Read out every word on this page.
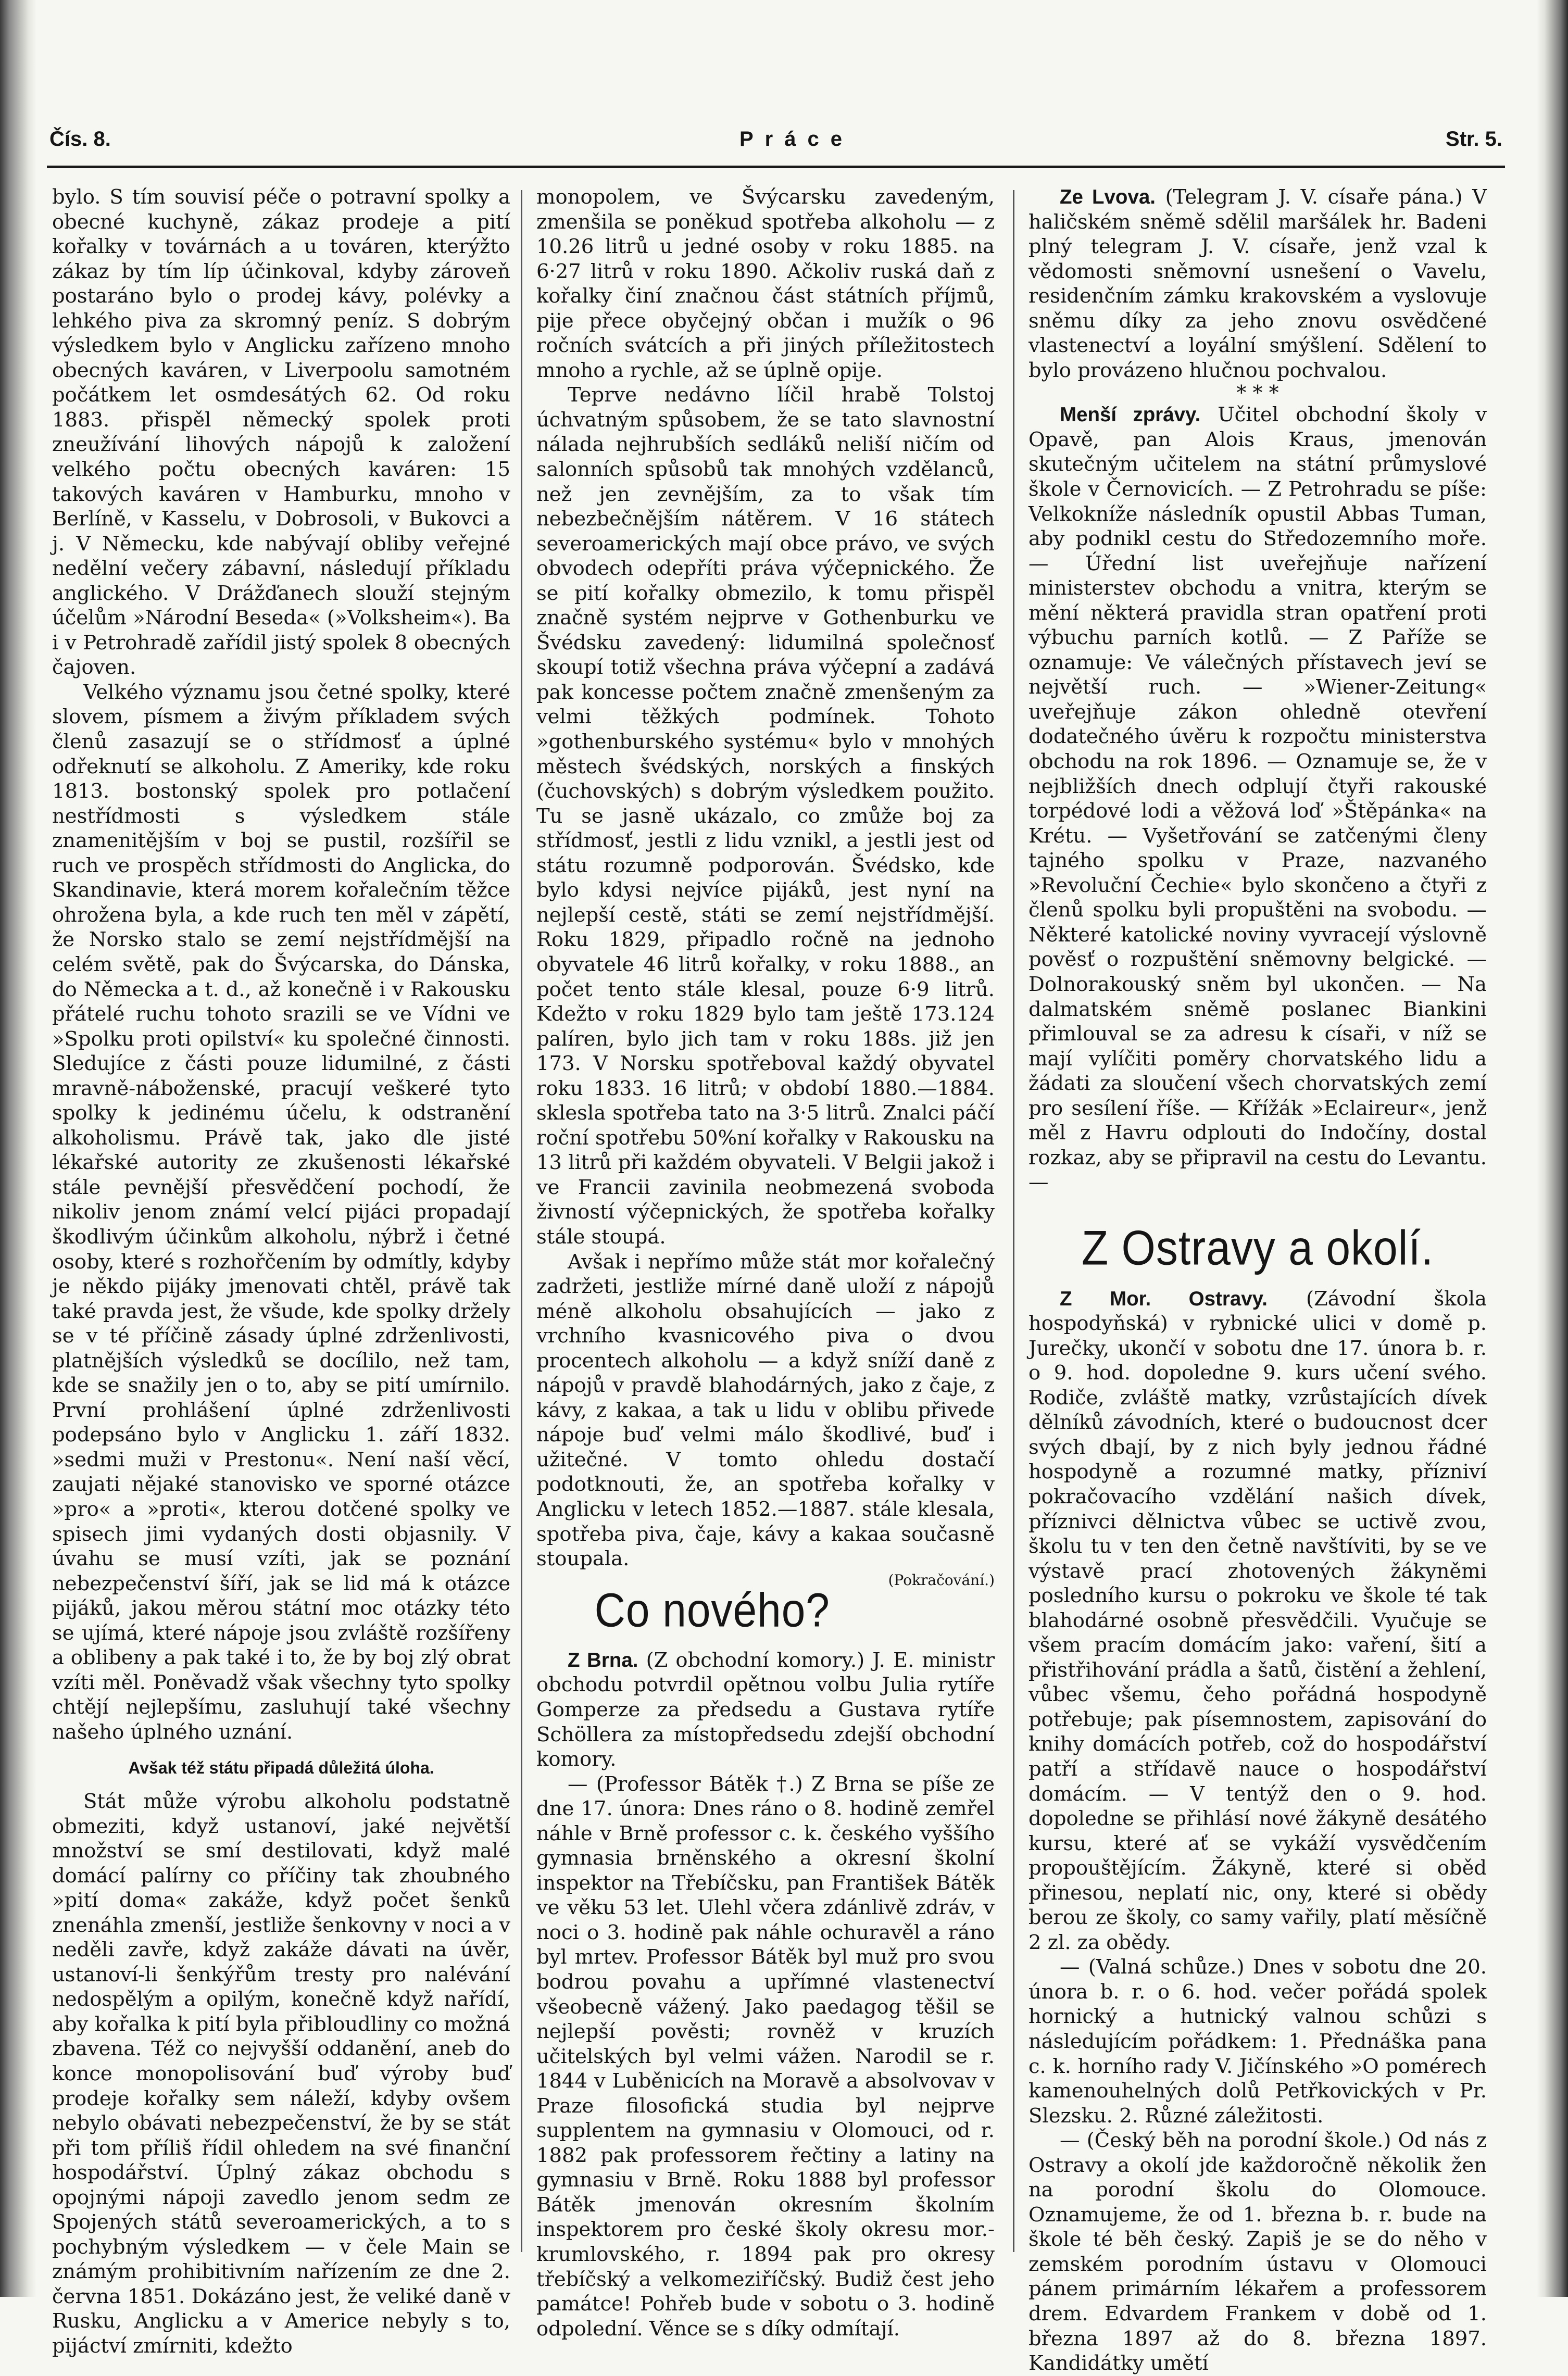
Čís. 8.	Práce	Str. 5.

bylo. S tím souvisí péče o potravní spolky a obecné kuchyně, zákaz prodeje a pití kořalky v továrnách a u továren, kterýžto zákaz by tím líp účinkoval, kdyby zároveň postaráno bylo o prodej kávy, polévky a lehkého piva za skromný peníz. S dobrým výsledkem bylo v Anglicku zařízeno mnoho obecných kaváren, v Liverpoolu samotném počátkem let osmdesátých 62. Od roku 1883. přispěl německý spolek proti zneužívání lihových nápojů k založení velkého počtu obecných kaváren: 15 takových kaváren v Hamburku, mnoho v Berlíně, v Kasselu, v Dobrosoli, v Bukovci a j. V Německu, kde nabývají obliby veřejné nedělní večery zábavní, následují příkladu anglického. V Drážďanech slouží stejným účelům »Národní Beseda« (»Volksheim«). Ba i v Petrohradě zařídil jistý spolek 8 obecných čajoven.

Velkého významu jsou četné spolky, které slovem, písmem a živým příkladem svých členů zasazují se o střídmosť a úplné odřeknutí se alkoholu. Z Ameriky, kde roku 1813. bostonský spolek pro potlačení nestřídmosti s výsledkem stále znamenitějším v boj se pustil, rozšířil se ruch ve prospěch střídmosti do Anglicka, do Skandinavie, která morem kořalečním těžce ohrožena byla, a kde ruch ten měl v zápětí, že Norsko stalo se zemí nejstřídmější na celém světě, pak do Švýcarska, do Dánska, do Německa a t. d., až konečně i v Rakousku přátelé ruchu tohoto srazili se ve Vídni ve »Spolku proti opilství« ku společné činnosti. Sledujíce z části pouze lidumilné, z části mravně-náboženské, pracují veškeré tyto spolky k jedinému účelu, k odstranění alkoholismu. Právě tak, jako dle jisté lékařské autority ze zkušenosti lékařské stále pevnější přesvědčení pochodí, že nikoliv jenom známí velcí pijáci propadají škodlivým účinkům alkoholu, nýbrž i četné osoby, které s rozhořčením by odmítly, kdyby je někdo pijáky jmenovati chtěl, právě tak také pravda jest, že všude, kde spolky držely se v té příčině zásady úplné zdrženlivosti, platnějších výsledků se docílilo, než tam, kde se snažily jen o to, aby se pití umírnilo. První prohlášení úplné zdrženlivosti podepsáno bylo v Anglicku 1. září 1832. »sedmi muži v Prestonu«. Není naší věcí, zaujati nějaké stanovisko ve sporné otázce »pro« a »proti«, kterou dotčené spolky ve spisech jimi vydaných dosti objasnily. V úvahu se musí vzíti, jak se poznání nebezpečenství šíří, jak se lid má k otázce pijáků, jakou měrou státní moc otázky této se ujímá, které nápoje jsou zvláště rozšířeny a oblibeny a pak také i to, že by boj zlý obrat vzíti měl. Poněvadž však všechny tyto spolky chtějí nejlepšímu, zasluhují také všechny našeho úplného uznání.

Avšak též státu připadá důležitá úloha.

Stát může výrobu alkoholu podstatně obmeziti, když ustanoví, jaké největší množství se smí destilovati, když malé domácí palírny co příčiny tak zhoubného »pití doma« zakáže, když počet šenků znenáhla zmenší, jestliže šenkovny v noci a v neděli zavře, když zakáže dávati na úvěr, ustanoví-li šenkýřům tresty pro nalévání nedospělým a opilým, konečně když nařídí, aby kořalka k pití byla přibloudliny co možná zbavena. Též co nejvyšší oddanění, aneb do konce monopolisování buď výroby buď prodeje kořalky sem náleží, kdyby ovšem nebylo obávati nebezpečenství, že by se stát při tom příliš řídil ohledem na své finanční hospodářství. Úplný zákaz obchodu s opojnými nápoji zavedlo jenom sedm ze Spojených států severoamerických, a to s pochybným výsledkem — v čele Main se známým prohibitivním nařízením ze dne 2. června 1851. Dokázáno jest, že veliké daně v Rusku, Anglicku a v Americe nebyly s to, pijáctví zmírniti, kdežto

monopolem, ve Švýcarsku zavedeným, zmenšila se poněkud spotřeba alkoholu — z 10.26 litrů u jedné osoby v roku 1885. na 6·27 litrů v roku 1890. Ačkoliv ruská daň z kořalky činí značnou část státních příjmů, pije přece obyčejný občan i mužík o 96 ročních svátcích a při jiných příležitostech mnoho a rychle, až se úplně opije.

Teprve nedávno líčil hrabě Tolstoj úchvatným spůsobem, že se tato slavnostní nálada nejhrubších sedláků neliší ničím od salonních spůsobů tak mnohých vzdělanců, než jen zevnějším, za to však tím nebezbečnějším nátěrem. V 16 státech severoamerických mají obce právo, ve svých obvodech odepříti práva výčepnického. Že se pití kořalky obmezilo, k tomu přispěl značně systém nejprve v Gothenburku ve Švédsku zavedený: lidumilná společnosť skoupí totiž všechna práva výčepní a zadává pak koncesse počtem značně zmenšeným za velmi těžkých podmínek. Tohoto »gothenburského systému« bylo v mnohých městech švédských, norských a finských (čuchovských) s dobrým výsledkem použito. Tu se jasně ukázalo, co zmůže boj za střídmosť, jestli z lidu vznikl, a jestli jest od státu rozumně podporován. Švédsko, kde bylo kdysi nejvíce pijáků, jest nyní na nejlepší cestě, státi se zemí nejstřídmější. Roku 1829, připadlo ročně na jednoho obyvatele 46 litrů kořalky, v roku 1888., an počet tento stále klesal, pouze 6·9 litrů. Kdežto v roku 1829 bylo tam ještě 173.124 palíren, bylo jich tam v roku 188s. již jen 173. V Norsku spotřeboval každý obyvatel roku 1833. 16 litrů; v období 1880.—1884. sklesla spotřeba tato na 3·5 litrů. Znalci páčí roční spotřebu 50%ní kořalky v Rakousku na 13 litrů při každém obyvateli. V Belgii jakož i ve Francii zavinila neobmezená svoboda živností výčepnických, že spotřeba kořalky stále stoupá.

Avšak i nepřímo může stát mor kořalečný zadržeti, jestliže mírné daně uloží z nápojů méně alkoholu obsahujících — jako z vrchního kvasnicového piva o dvou procentech alkoholu — a když sníží daně z nápojů v pravdě blahodárných, jako z čaje, z kávy, z kakaa, a tak u lidu v oblibu přivede nápoje buď velmi málo škodlivé, buď i užitečné. V tomto ohledu dostačí podotknouti, že, an spotřeba kořalky v Anglicku v letech 1852.—1887. stále klesala, spotřeba piva, čaje, kávy a kakaa současně stoupala.

(Pokračování.)
Co nového?

Z Brna. (Z obchodní komory.) J. E. ministr obchodu potvrdil opětnou volbu Julia rytíře Gomperze za předsedu a Gustava rytíře Schöllera za místopředsedu zdejší obchodní komory.

— (Professor Bátěk †.) Z Brna se píše ze dne 17. února: Dnes ráno o 8. hodině zemřel náhle v Brně professor c. k. českého vyššího gymnasia brněnského a okresní školní inspektor na Třebíčsku, pan František Bátěk ve věku 53 let. Ulehl včera zdánlivě zdráv, v noci o 3. hodině pak náhle ochuravěl a ráno byl mrtev. Professor Bátěk byl muž pro svou bodrou povahu a upřímné vlastenectví všeobecně vážený. Jako paedagog těšil se nejlepší pověsti; rovněž v kruzích učitelských byl velmi vážen. Narodil se r. 1844 v Luběnicích na Moravě a absolvovav v Praze filosofická studia byl nejprve supplentem na gymnasiu v Olomouci, od r. 1882 pak professorem řečtiny a latiny na gymnasiu v Brně. Roku 1888 byl professor Bátěk jmenován okresním školním inspektorem pro české školy okresu mor.-krumlovského, r. 1894 pak pro okresy třebíčský a velkomeziříčský. Budiž čest jeho památce! Pohřeb bude v sobotu o 3. hodině odpolední. Věnce se s díky odmítají.

Ze Lvova. (Telegram J. V. císaře pána.) V haličském sněmě sdělil maršálek hr. Badeni plný telegram J. V. císaře, jenž vzal k vědomosti sněmovní usnešení o Vavelu, residenčním zámku krakovském a vyslovuje sněmu díky za jeho znovu osvědčené vlastenectví a loyální smýšlení. Sdělení to bylo provázeno hlučnou pochvalou.

* * *

Menší zprávy. Učitel obchodní školy v Opavě, pan Alois Kraus, jmenován skutečným učitelem na státní průmyslové škole v Černovicích. — Z Petrohradu se píše: Velkokníže následník opustil Abbas Tuman, aby podnikl cestu do Středozemního moře. — Úřední list uveřejňuje nařízení ministerstev obchodu a vnitra, kterým se mění některá pravidla stran opatření proti výbuchu parních kotlů. — Z Paříže se oznamuje: Ve válečných přístavech jeví se největší ruch. — »Wiener-Zeitung« uveřejňuje zákon ohledně otevření dodatečného úvěru k rozpočtu ministerstva obchodu na rok 1896. — Oznamuje se, že v nejbližších dnech odplují čtyři rakouské torpédové lodi a věžová loď »Štěpánka« na Krétu. — Vyšetřování se zatčenými členy tajného spolku v Praze, nazvaného »Revoluční Čechie« bylo skončeno a čtyři z členů spolku byli propuštěni na svobodu. — Některé katolické noviny vyvracejí výslovně pověsť o rozpuštění sněmovny belgické. — Dolnorakouský sněm byl ukončen. — Na dalmatském sněmě poslanec Biankini přimlouval se za adresu k císaři, v níž se mají vylíčiti poměry chorvatského lidu a žádati za sloučení všech chorvatských zemí pro sesílení říše. — Křížák »Eclaireur«, jenž měl z Havru odplouti do Indočíny, dostal rozkaz, aby se připravil na cestu do Levantu. —

Z Ostravy a okolí.

Z Mor. Ostravy. (Závodní škola hospodyňská) v rybnické ulici v domě p. Jurečky, ukončí v sobotu dne 17. února b. r. o 9. hod. dopoledne 9. kurs učení svého. Rodiče, zvláště matky, vzrůstajících dívek dělníků závodních, které o budoucnost dcer svých dbají, by z nich byly jednou řádné hospodyně a rozumné matky, přízniví pokračovacího vzdělání našich dívek, příznivci dělnictva vůbec se uctivě zvou, školu tu v ten den četně navštíviti, by se ve výstavě prací zhotovených žákyněmi posledního kursu o pokroku ve škole té tak blahodárné osobně přesvědčili. Vyučuje se všem pracím domácím jako: vaření, šití a přistřihování prádla a šatů, čistění a žehlení, vůbec všemu, čeho pořádná hospodyně potřebuje; pak písemnostem, zapisování do knihy domácích potřeb, což do hospodářství patří a střídavě nauce o hospodářství domácím. — V tentýž den o 9. hod. dopoledne se přihlásí nové žákyně desátého kursu, které ať se vykáží vysvědčením propouštějícím. Žákyně, které si oběd přinesou, neplatí nic, ony, které si obědy berou ze školy, co samy vařily, platí měsíčně 2 zl. za obědy.

— (Valná schůze.) Dnes v sobotu dne 20. února b. r. o 6. hod. večer pořádá spolek hornický a hutnický valnou schůzi s následujícím pořádkem: 1. Přednáška pana c. k. horního rady V. Jičínského »O pomérech kamenouhelných dolů Petřkovických v Pr. Slezsku. 2. Různé záležitosti.

— (Český běh na porodní škole.) Od nás z Ostravy a okolí jde každoročně několik žen na porodní školu do Olomouce. Oznamujeme, že od 1. března b. r. bude na škole té běh český. Zapiš je se do něho v zemském porodním ústavu v Olomouci pánem primárním lékařem a professorem drem. Edvardem Frankem v době od 1. března 1897 až do 8. března 1897. Kandidátky umětí
